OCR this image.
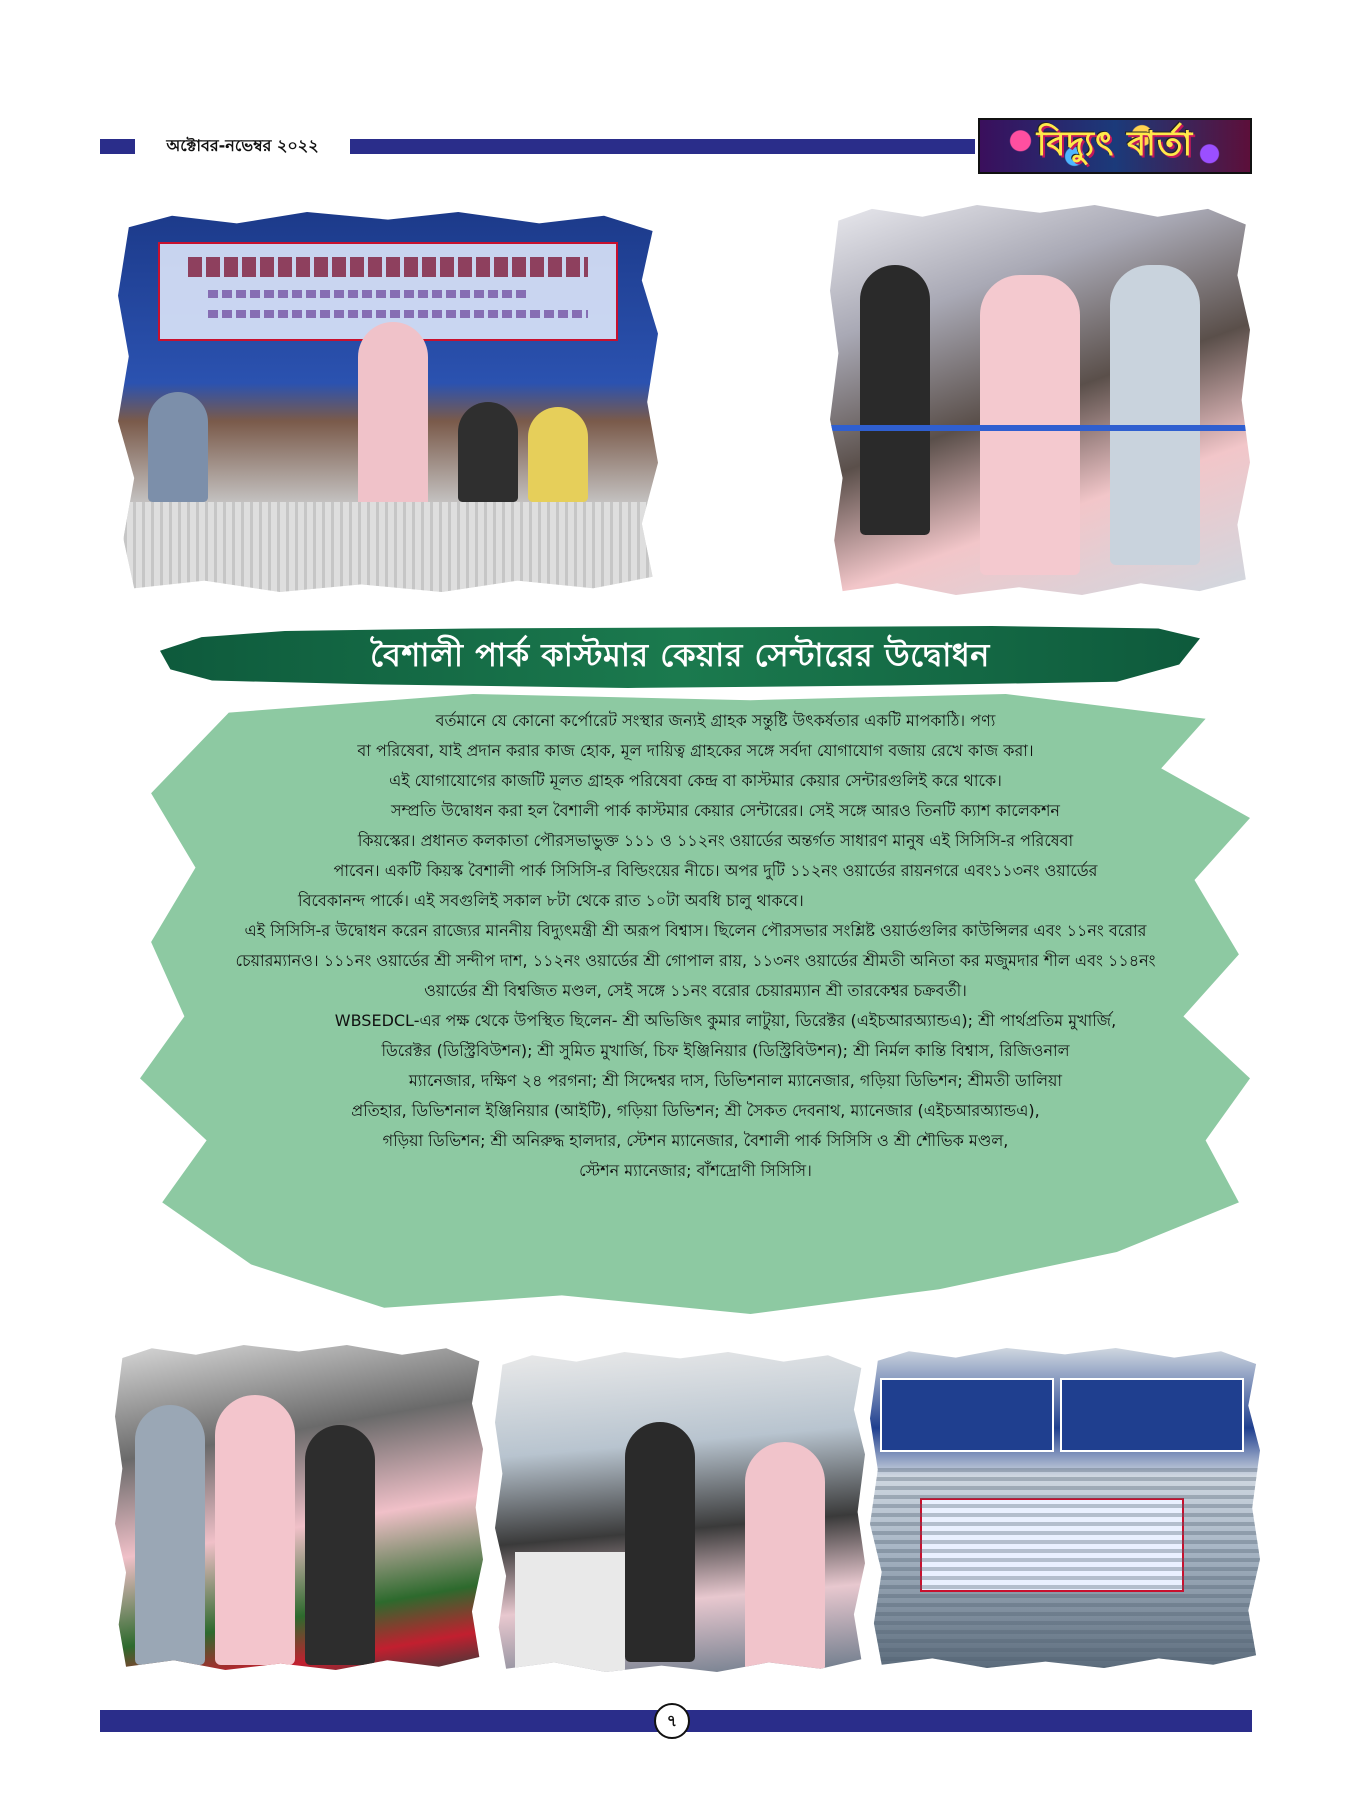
অক্টোবর-নভেম্বর ২০২২	বিদ্যুৎ বার্তা
বৈশালী পার্ক কাস্টমার কেয়ার সেন্টারের উদ্বোধন
বর্তমানে যে কোনো কর্পোরেট সংস্থার জন্যই গ্রাহক সন্তুষ্টি উৎকর্ষতার একটি মাপকাঠি। পণ্য
বা পরিষেবা, যাই প্রদান করার কাজ হোক, মূল দায়িত্ব গ্রাহকের সঙ্গে সর্বদা যোগাযোগ বজায় রেখে কাজ করা।
এই যোগাযোগের কাজটি মূলত গ্রাহক পরিষেবা কেন্দ্র বা কাস্টমার কেয়ার সেন্টারগুলিই করে থাকে।
সম্প্রতি উদ্বোধন করা হল বৈশালী পার্ক কাস্টমার কেয়ার সেন্টারের। সেই সঙ্গে আরও তিনটি ক্যাশ কালেকশন
কিয়স্কের। প্রধানত কলকাতা পৌরসভাভুক্ত ১১১ ও ১১২নং ওয়ার্ডের অন্তর্গত সাধারণ মানুষ এই সিসিসি-র পরিষেবা
পাবেন। একটি কিয়স্ক বৈশালী পার্ক সিসিসি-র বিল্ডিংয়ের নীচে। অপর দুটি ১১২নং ওয়ার্ডের রায়নগরে এবং১১৩নং ওয়ার্ডের
বিবেকানন্দ পার্কে। এই সবগুলিই সকাল ৮টা থেকে রাত ১০টা অবধি চালু থাকবে।
এই সিসিসি-র উদ্বোধন করেন রাজ্যের মাননীয় বিদ্যুৎমন্ত্রী শ্রী অরূপ বিশ্বাস। ছিলেন পৌরসভার সংশ্লিষ্ট ওয়ার্ডগুলির কাউন্সিলর এবং ১১নং বরোর
চেয়ারম্যানও। ১১১নং ওয়ার্ডের শ্রী সন্দীপ দাশ, ১১২নং ওয়ার্ডের শ্রী গোপাল রায়, ১১৩নং ওয়ার্ডের শ্রীমতী অনিতা কর মজুমদার শীল এবং ১১৪নং
ওয়ার্ডের শ্রী বিশ্বজিত মণ্ডল, সেই সঙ্গে ১১নং বরোর চেয়ারম্যান শ্রী তারকেশ্বর চক্রবর্তী।
WBSEDCL-এর পক্ষ থেকে উপস্থিত ছিলেন- শ্রী অভিজিৎ কুমার লাটুয়া, ডিরেক্টর (এইচআরঅ্যান্ডএ); শ্রী পার্থপ্রতিম মুখার্জি,
ডিরেক্টর (ডিস্ট্রিবিউশন); শ্রী সুমিত মুখার্জি, চিফ ইঞ্জিনিয়ার (ডিস্ট্রিবিউশন); শ্রী নির্মল কান্তি বিশ্বাস, রিজিওনাল
ম্যানেজার, দক্ষিণ ২৪ পরগনা; শ্রী সিদ্দেশ্বর দাস, ডিভিশনাল ম্যানেজার, গড়িয়া ডিভিশন; শ্রীমতী ডালিয়া
প্রতিহার, ডিভিশনাল ইঞ্জিনিয়ার (আইটি), গড়িয়া ডিভিশন; শ্রী সৈকত দেবনাথ, ম্যানেজার (এইচআরঅ্যান্ডএ),
গড়িয়া ডিভিশন; শ্রী অনিরুদ্ধ হালদার, স্টেশন ম্যানেজার, বৈশালী পার্ক সিসিসি ও শ্রী শৌভিক মণ্ডল,
স্টেশন ম্যানেজার; বাঁশদ্রোণী সিসিসি।
৭
